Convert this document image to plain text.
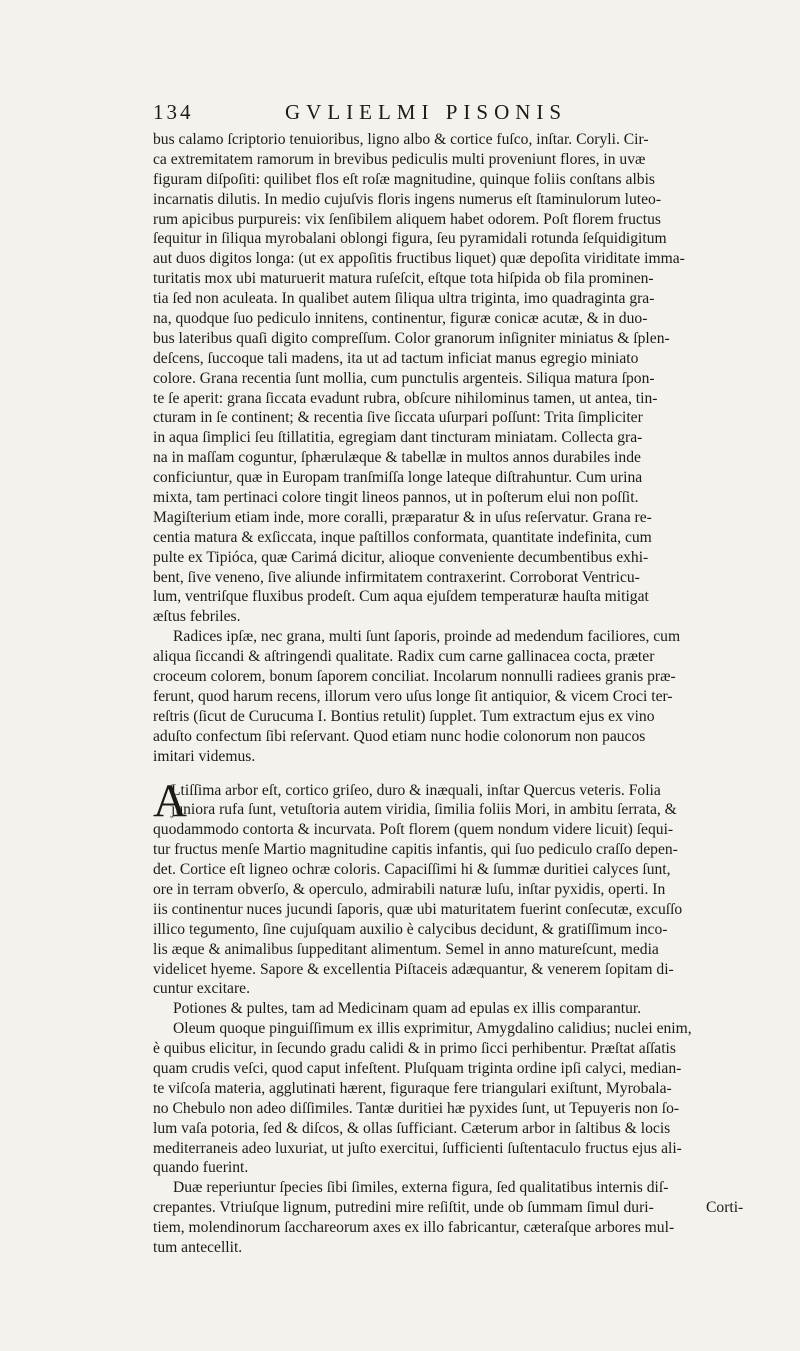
134	GVLIELMI PISONIS
bus calamo ſcriptorio tenuioribus, ligno albo & cortice fuſco, inſtar. Coryli. Cir-
ca extremitatem ramorum in brevibus pediculis multi proveniunt flores, in uvæ
figuram diſpoſiti: quilibet flos eſt roſæ magnitudine, quinque foliis conſtans albis
incarnatis dilutis. In medio cujuſvis floris ingens numerus eſt ſtaminulorum luteo-
rum apicibus purpureis: vix ſenſibilem aliquem habet odorem. Poſt florem fructus
ſequitur in ſiliqua myrobalani oblongi figura, ſeu pyramidali rotunda ſeſquidigitum
aut duos digitos longa: (ut ex appoſitis fructibus liquet) quæ depoſita viriditate imma-
turitatis mox ubi maturuerit matura ruſeſcit, eſtque tota hiſpida ob fila prominen-
tia ſed non aculeata. In qualibet autem ſiliqua ultra triginta, imo quadraginta gra-
na, quodque ſuo pediculo innitens, continentur, figuræ conicæ acutæ, & in duo-
bus lateribus quaſi digito compreſſum. Color granorum inſigniter miniatus & ſplen-
deſcens, ſuccoque tali madens, ita ut ad tactum inficiat manus egregio miniato
colore. Grana recentia ſunt mollia, cum punctulis argenteis. Siliqua matura ſpon-
te ſe aperit: grana ſiccata evadunt rubra, obſcure nihilominus tamen, ut antea, tin-
cturam in ſe continent; & recentia ſive ſiccata uſurpari poſſunt: Trita ſimpliciter
in aqua ſimplici ſeu ſtillatitia, egregiam dant tincturam miniatam. Collecta gra-
na in maſſam coguntur, ſphærulæque & tabellæ in multos annos durabiles inde
conficiuntur, quæ in Europam tranſmiſſa longe lateque diſtrahuntur. Cum urina
mixta, tam pertinaci colore tingit lineos pannos, ut in poſterum elui non poſſit.
Magiſterium etiam inde, more coralli, præparatur & in uſus reſervatur. Grana re-
centia matura & exſiccata, inque paſtillos conformata, quantitate indefinita, cum
pulte ex Tipióca, quæ Carimá dicitur, alioque conveniente decumbentibus exhi-
bent, ſive veneno, ſive aliunde infirmitatem contraxerint. Corroborat Ventricu-
lum, ventriſque fluxibus prodeſt. Cum aqua ejuſdem temperaturæ hauſta mitigat
æſtus febriles.
Radices ipſæ, nec grana, multi ſunt ſaporis, proinde ad medendum faciliores, cum
aliqua ſiccandi & aſtringendi qualitate. Radix cum carne gallinacea cocta, præter
croceum colorem, bonum ſaporem conciliat. Incolarum nonnulli radiees granis præ-
ferunt, quod harum recens, illorum vero uſus longe ſit antiquior, & vicem Croci ter-
reſtris (ſicut de Curucuma I. Bontius retulit) ſupplet. Tum extractum ejus ex vino
aduſto confectum ſibi reſervant. Quod etiam nunc hodie colonorum non paucos
imitari videmus.
A
Ltiſſima arbor eſt, cortico griſeo, duro & inæquali, inſtar Quercus veteris. Folia
juniora rufa ſunt, vetuſtoria autem viridia, ſimilia foliis Mori, in ambitu ſerrata, &
quodammodo contorta & incurvata. Poſt florem (quem nondum videre licuit) ſequi-
tur fructus menſe Martio magnitudine capitis infantis, qui ſuo pediculo craſſo depen-
det. Cortice eſt ligneo ochræ coloris. Capaciſſimi hi & ſummæ duritiei calyces ſunt,
ore in terram obverſo, & operculo, admirabili naturæ luſu, inſtar pyxidis, operti. In
iis continentur nuces jucundi ſaporis, quæ ubi maturitatem fuerint conſecutæ, excuſſo
illico tegumento, ſine cujuſquam auxilio è calycibus decidunt, & gratiſſimum inco-
lis æque & animalibus ſuppeditant alimentum. Semel in anno matureſcunt, media
videlicet hyeme. Sapore & excellentia Piſtaceis adæquantur, & venerem ſopitam di-
cuntur excitare.
Potiones & pultes, tam ad Medicinam quam ad epulas ex illis comparantur.
Oleum quoque pinguiſſimum ex illis exprimitur, Amygdalino calidius; nuclei enim,
è quibus elicitur, in ſecundo gradu calidi & in primo ſicci perhibentur. Præſtat aſſatis
quam crudis veſci, quod caput infeſtent. Pluſquam triginta ordine ipſi calyci, median-
te viſcoſa materia, agglutinati hærent, figuraque fere triangulari exiſtunt, Myrobala-
no Chebulo non adeo diſſimiles. Tantæ duritiei hæ pyxides ſunt, ut Tepuyeris non ſo-
lum vaſa potoria, ſed & diſcos, & ollas ſufficiant. Cæterum arbor in ſaltibus & locis
mediterraneis adeo luxuriat, ut juſto exercitui, ſufficienti ſuſtentaculo fructus ejus ali-
quando fuerint.
Duæ reperiuntur ſpecies ſibi ſimiles, externa figura, ſed qualitatibus internis diſ-
crepantes. Vtriuſque lignum, putredini mire reſiſtit, unde ob ſummam ſimul duri-
tiem, molendinorum ſacchareorum axes ex illo fabricantur, cæteraſque arbores mul-
tum antecellit.
Corti-
